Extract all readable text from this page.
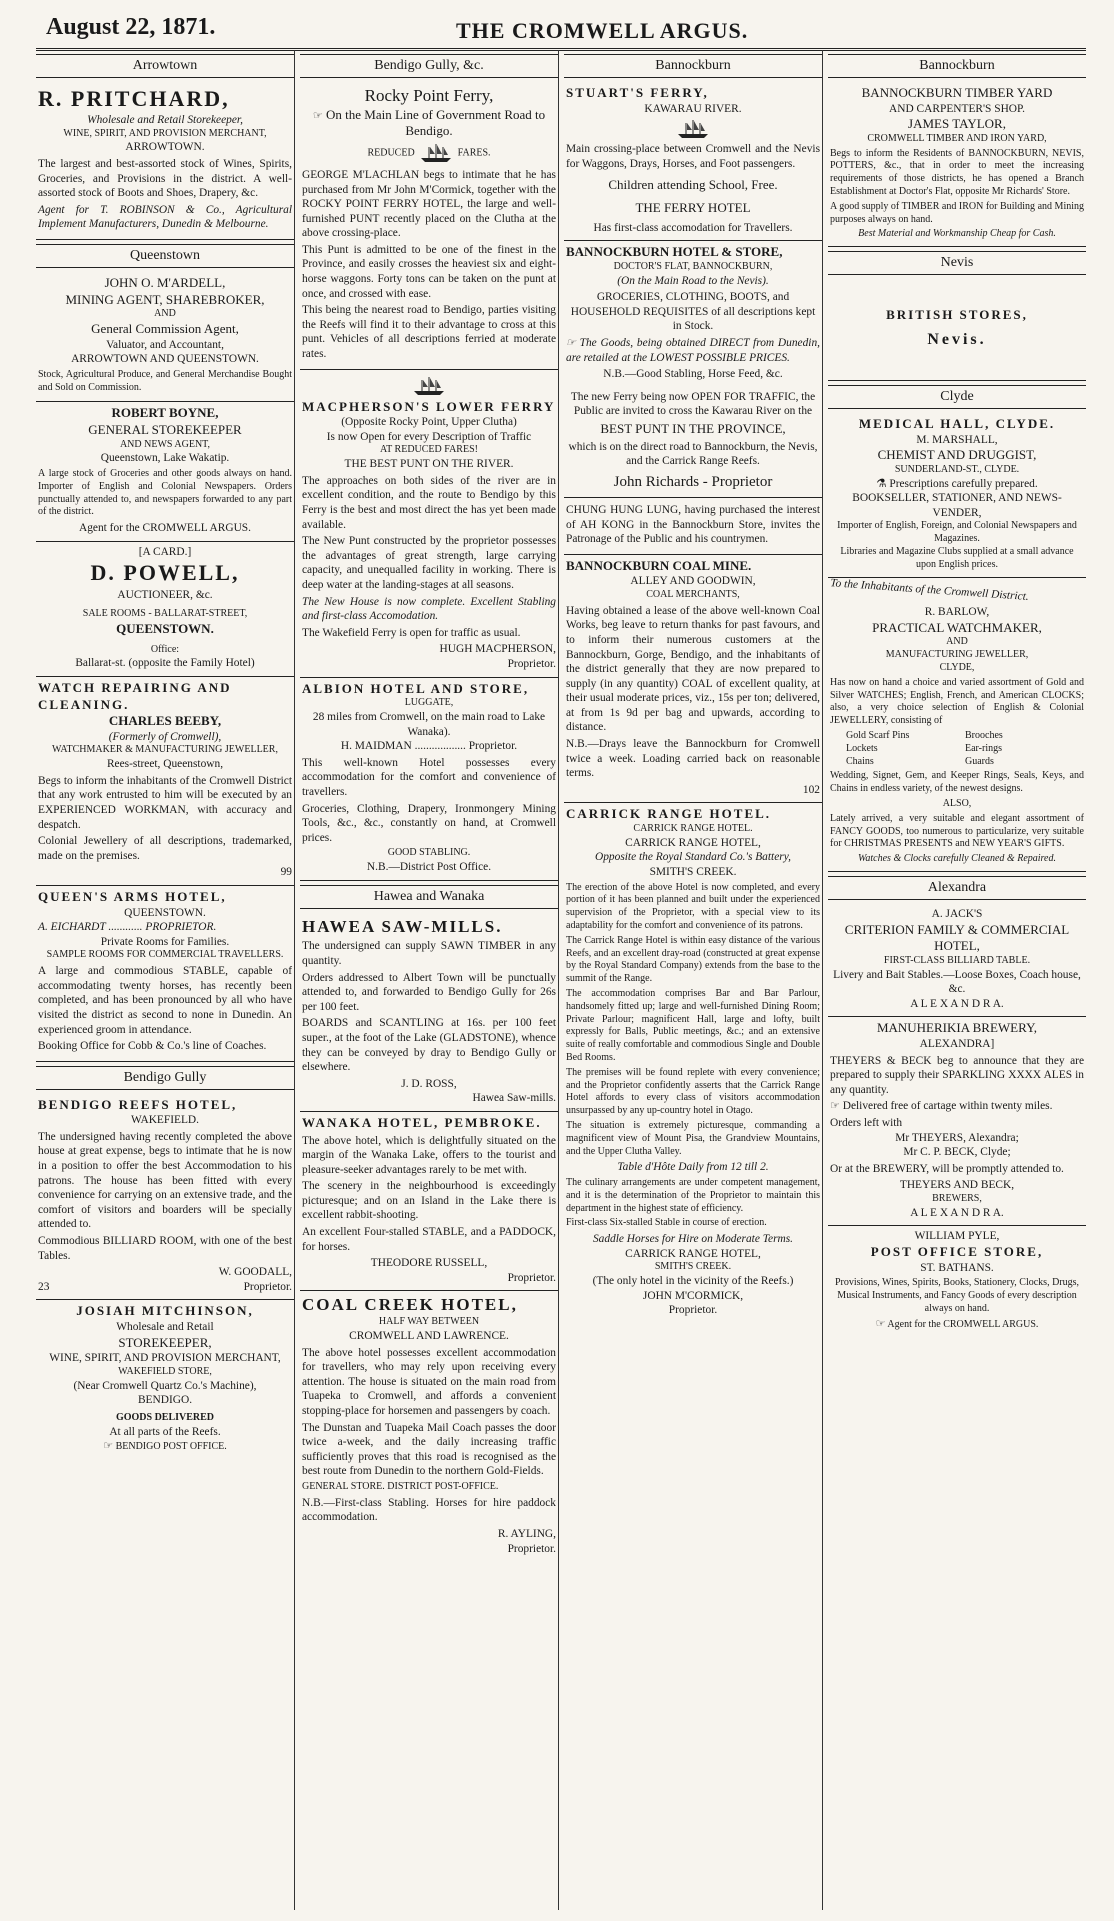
August 22, 1871.	THE CROMWELL ARGUS.
Arrowtown
R. PRITCHARD,
Wholesale and Retail Storekeeper,
WINE, SPIRIT, AND PROVISION MERCHANT,
ARROWTOWN.

The largest and best-assorted stock of Wines, Spirits, Groceries, and Provisions in the district. A well-assorted stock of Boots and Shoes, Drapery, &c.

Agent for T. ROBINSON & Co., Agricultural Implement Manufacturers, Dunedin & Melbourne.

Queenstown
JOHN O. M'ARDELL,
MINING AGENT, SHAREBROKER,
AND
General Commission Agent,
Valuator, and Accountant,
ARROWTOWN AND QUEENSTOWN.

Stock, Agricultural Produce, and General Merchandise Bought and Sold on Commission.

ROBERT BOYNE,
GENERAL STOREKEEPER
AND NEWS AGENT,
Queenstown, Lake Wakatip.

A large stock of Groceries and other goods always on hand. Importer of English and Colonial Newspapers. Orders punctually attended to, and newspapers forwarded to any part of the district.

Agent for the CROMWELL ARGUS.
[A CARD.]
D. POWELL,
AUCTIONEER, &c.
SALE ROOMS - BALLARAT-STREET,
QUEENSTOWN.
Office:
Ballarat-st. (opposite the Family Hotel)
WATCH REPAIRING AND CLEANING.
CHARLES BEEBY,
(Formerly of Cromwell),
WATCHMAKER & MANUFACTURING JEWELLER,
Rees-street, Queenstown,

Begs to inform the inhabitants of the Cromwell District that any work entrusted to him will be executed by an EXPERIENCED WORKMAN, with accuracy and despatch.

Colonial Jewellery of all descriptions, trademarked, made on the premises.

99
QUEEN'S ARMS HOTEL,
QUEENSTOWN.
A. EICHARDT ............ PROPRIETOR.
Private Rooms for Families.
SAMPLE ROOMS FOR COMMERCIAL TRAVELLERS.

A large and commodious STABLE, capable of accommodating twenty horses, has recently been completed, and has been pronounced by all who have visited the district as second to none in Dunedin. An experienced groom in attendance.

Booking Office for Cobb & Co.'s line of Coaches.

Bendigo Gully
BENDIGO REEFS HOTEL,
WAKEFIELD.

The undersigned having recently completed the above house at great expense, begs to intimate that he is now in a position to offer the best Accommodation to his patrons. The house has been fitted with every convenience for carrying on an extensive trade, and the comfort of visitors and boarders will be specially attended to.

Commodious BILLIARD ROOM, with one of the best Tables.

W. GOODALL,
23	Proprietor.
JOSIAH MITCHINSON,
Wholesale and Retail
STOREKEEPER,
WINE, SPIRIT, AND PROVISION MERCHANT,
WAKEFIELD STORE,
(Near Cromwell Quartz Co.'s Machine),
BENDIGO.
GOODS DELIVERED
At all parts of the Reefs.
☞ BENDIGO POST OFFICE.
Bendigo Gully, &c.
Rocky Point Ferry,
☞ On the Main Line of Government Road to Bendigo.
REDUCED	FARES.

GEORGE M'LACHLAN begs to intimate that he has purchased from Mr John M'Cormick, together with the ROCKY POINT FERRY HOTEL, the large and well-furnished PUNT recently placed on the Clutha at the above crossing-place.

This Punt is admitted to be one of the finest in the Province, and easily crosses the heaviest six and eight-horse waggons. Forty tons can be taken on the punt at once, and crossed with ease.

This being the nearest road to Bendigo, parties visiting the Reefs will find it to their advantage to cross at this punt. Vehicles of all descriptions ferried at moderate rates.

MACPHERSON'S LOWER FERRY
(Opposite Rocky Point, Upper Clutha)
Is now Open for every Description of Traffic
AT REDUCED FARES!
THE BEST PUNT ON THE RIVER.

The approaches on both sides of the river are in excellent condition, and the route to Bendigo by this Ferry is the best and most direct the has yet been made available.

The New Punt constructed by the proprietor possesses the advantages of great strength, large carrying capacity, and unequalled facility in working. There is deep water at the landing-stages at all seasons.

The New House is now complete. Excellent Stabling and first-class Accomodation.

The Wakefield Ferry is open for traffic as usual.

HUGH MACPHERSON,
Proprietor.
ALBION HOTEL AND STORE,
LUGGATE,
28 miles from Cromwell, on the main road to Lake Wanaka).
H. MAIDMAN .................. Proprietor.

This well-known Hotel possesses every accommodation for the comfort and convenience of travellers.

Groceries, Clothing, Drapery, Ironmongery Mining Tools, &c., &c., constantly on hand, at Cromwell prices.

GOOD STABLING.
N.B.—District Post Office.
Hawea and Wanaka
HAWEA SAW-MILLS.

The undersigned can supply SAWN TIMBER in any quantity.

Orders addressed to Albert Town will be punctually attended to, and forwarded to Bendigo Gully for 26s per 100 feet.

BOARDS and SCANTLING at 16s. per 100 feet super., at the foot of the Lake (GLADSTONE), whence they can be conveyed by dray to Bendigo Gully or elsewhere.

J. D. ROSS,
Hawea Saw-mills.
WANAKA HOTEL, PEMBROKE.

The above hotel, which is delightfully situated on the margin of the Wanaka Lake, offers to the tourist and pleasure-seeker advantages rarely to be met with.

The scenery in the neighbourhood is exceedingly picturesque; and on an Island in the Lake there is excellent rabbit-shooting.

An excellent Four-stalled STABLE, and a PADDOCK, for horses.

THEODORE RUSSELL,
Proprietor.
COAL CREEK HOTEL,
HALF WAY BETWEEN
CROMWELL AND LAWRENCE.

The above hotel possesses excellent accommodation for travellers, who may rely upon receiving every attention. The house is situated on the main road from Tuapeka to Cromwell, and affords a convenient stopping-place for horsemen and passengers by coach.

The Dunstan and Tuapeka Mail Coach passes the door twice a-week, and the daily increasing traffic sufficiently proves that this road is recognised as the best route from Dunedin to the northern Gold-Fields.

GENERAL STORE. DISTRICT POST-OFFICE.

N.B.—First-class Stabling. Horses for hire paddock accommodation.

R. AYLING,
Proprietor.
Bannockburn
STUART'S FERRY,
KAWARAU RIVER.

Main crossing-place between Cromwell and the Nevis for Waggons, Drays, Horses, and Foot passengers.

Children attending School, Free.
THE FERRY HOTEL
Has first-class accomodation for Travellers.
BANNOCKBURN HOTEL & STORE,
DOCTOR'S FLAT, BANNOCKBURN,
(On the Main Road to the Nevis).

GROCERIES, CLOTHING, BOOTS, and HOUSEHOLD REQUISITES of all descriptions kept in Stock.

☞ The Goods, being obtained DIRECT from Dunedin, are retailed at the LOWEST POSSIBLE PRICES.

N.B.—Good Stabling, Horse Feed, &c.

The new Ferry being now OPEN FOR TRAFFIC, the Public are invited to cross the Kawarau River on the

BEST PUNT IN THE PROVINCE,

which is on the direct road to Bannockburn, the Nevis, and the Carrick Range Reefs.

John Richards - Proprietor

CHUNG HUNG LUNG, having purchased the interest of AH KONG in the Bannockburn Store, invites the Patronage of the Public and his countrymen.

BANNOCKBURN COAL MINE.
ALLEY AND GOODWIN,
COAL MERCHANTS,

Having obtained a lease of the above well-known Coal Works, beg leave to return thanks for past favours, and to inform their numerous customers at the Bannockburn, Gorge, Bendigo, and the inhabitants of the district generally that they are now prepared to supply (in any quantity) COAL of excellent quality, at their usual moderate prices, viz., 15s per ton; delivered, at from 1s 9d per bag and upwards, according to distance.

N.B.—Drays leave the Bannockburn for Cromwell twice a week. Loading carried back on reasonable terms.

102
CARRICK RANGE HOTEL.
CARRICK RANGE HOTEL.
CARRICK RANGE HOTEL,
Opposite the Royal Standard Co.'s Battery,
SMITH'S CREEK.

The erection of the above Hotel is now completed, and every portion of it has been planned and built under the experienced supervision of the Proprietor, with a special view to its adaptability for the comfort and convenience of its patrons.

The Carrick Range Hotel is within easy distance of the various Reefs, and an excellent dray-road (constructed at great expense by the Royal Standard Company) extends from the base to the summit of the Range.

The accommodation comprises Bar and Bar Parlour, handsomely fitted up; large and well-furnished Dining Room; Private Parlour; magnificent Hall, large and lofty, built expressly for Balls, Public meetings, &c.; and an extensive suite of really comfortable and commodious Single and Double Bed Rooms.

The premises will be found replete with every convenience; and the Proprietor confidently asserts that the Carrick Range Hotel affords to every class of visitors accommodation unsurpassed by any up-country hotel in Otago.

The situation is extremely picturesque, commanding a magnificent view of Mount Pisa, the Grandview Mountains, and the Upper Clutha Valley.

Table d'Hôte Daily from 12 till 2.

The culinary arrangements are under competent management, and it is the determination of the Proprietor to maintain this department in the highest state of efficiency.

First-class Six-stalled Stable in course of erection.

Saddle Horses for Hire on Moderate Terms.
CARRICK RANGE HOTEL,
SMITH'S CREEK.
(The only hotel in the vicinity of the Reefs.)
JOHN M'CORMICK,
Proprietor.
Bannockburn
BANNOCKBURN TIMBER YARD
AND CARPENTER'S SHOP.
JAMES TAYLOR,
CROMWELL TIMBER AND IRON YARD,

Begs to inform the Residents of BANNOCKBURN, NEVIS, POTTERS, &c., that in order to meet the increasing requirements of those districts, he has opened a Branch Establishment at Doctor's Flat, opposite Mr Richards' Store.

A good supply of TIMBER and IRON for Building and Mining purposes always on hand.

Best Material and Workmanship Cheap for Cash.
Nevis
BRITISH STORES,
Nevis.
Clyde
MEDICAL HALL, CLYDE.
M. MARSHALL,
CHEMIST AND DRUGGIST,
SUNDERLAND-ST., CLYDE.
⚗ Prescriptions carefully prepared.
BOOKSELLER, STATIONER, AND NEWS-VENDER,
Importer of English, Foreign, and Colonial Newspapers and Magazines.
Libraries and Magazine Clubs supplied at a small advance upon English prices.
To the Inhabitants of the Cromwell District.
R. BARLOW,
PRACTICAL WATCHMAKER,
AND
MANUFACTURING JEWELLER,
CLYDE,

Has now on hand a choice and varied assortment of Gold and Silver WATCHES; English, French, and American CLOCKS; also, a very choice selection of English & Colonial JEWELLERY, consisting of

Gold Scarf Pins	Brooches
Lockets	Ear-rings
Chains	Guards

Wedding, Signet, Gem, and Keeper Rings, Seals, Keys, and Chains in endless variety, of the newest designs.

ALSO,

Lately arrived, a very suitable and elegant assortment of FANCY GOODS, too numerous to particularize, very suitable for CHRISTMAS PRESENTS and NEW YEAR'S GIFTS.

Watches & Clocks carefully Cleaned & Repaired.
Alexandra
A. JACK'S
CRITERION FAMILY & COMMERCIAL HOTEL,
FIRST-CLASS BILLIARD TABLE.
Livery and Bait Stables.—Loose Boxes, Coach house, &c.
A L E X A N D R A.
MANUHERIKIA BREWERY,
ALEXANDRA]

THEYERS & BECK beg to announce that they are prepared to supply their SPARKLING XXXX ALES in any quantity.

☞ Delivered free of cartage within twenty miles.

Orders left with
Mr THEYERS, Alexandra;
Mr C. P. BECK, Clyde;

Or at the BREWERY, will be promptly attended to.

THEYERS AND BECK,
BREWERS,
A L E X A N D R A.
WILLIAM PYLE,
POST OFFICE STORE,
ST. BATHANS.

Provisions, Wines, Spirits, Books, Stationery, Clocks, Drugs, Musical Instruments, and Fancy Goods of every description always on hand.

☞ Agent for the CROMWELL ARGUS.
